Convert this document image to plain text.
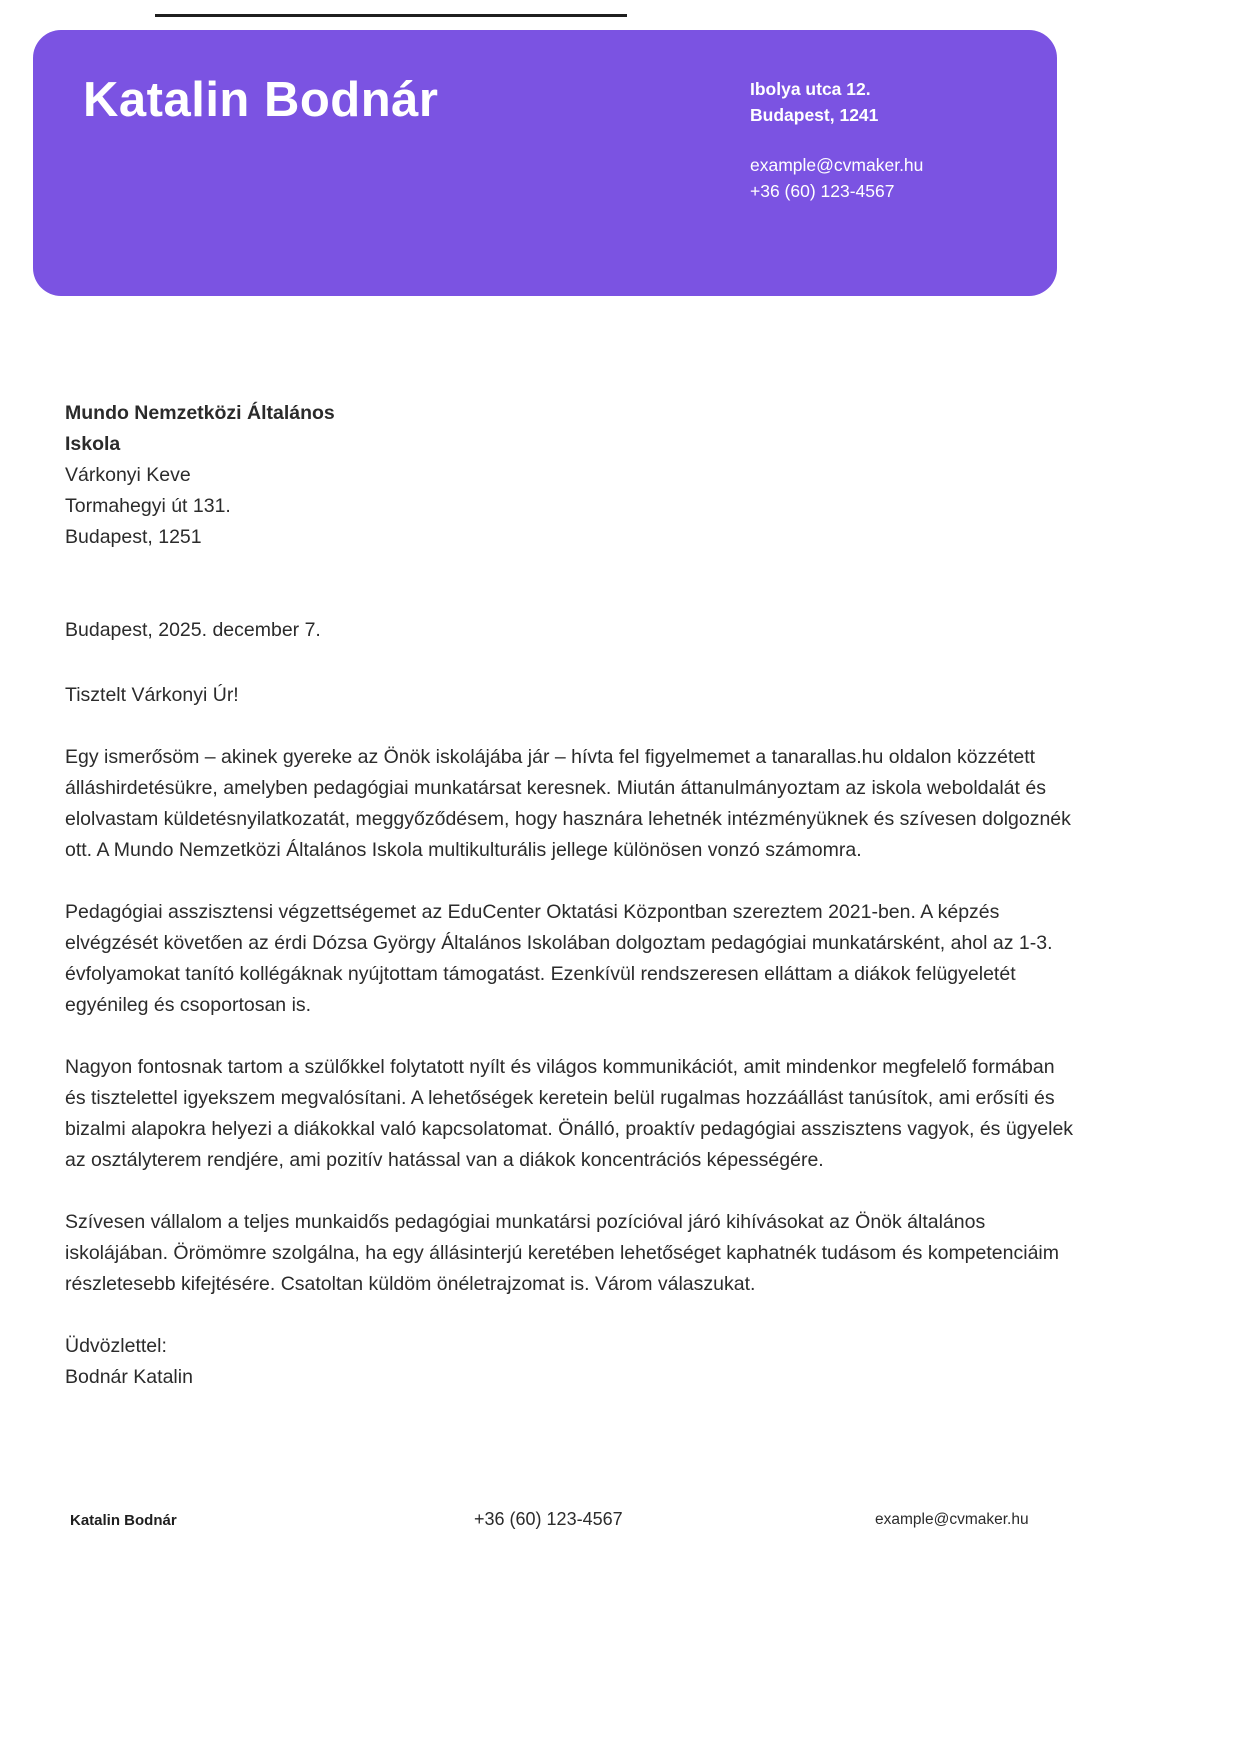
Katalin Bodnár	Ibolya utca 12.
Budapest, 1241
example@cvmaker.hu
+36 (60) 123-4567
Mundo Nemzetközi Általános
Iskola
Várkonyi Keve
Tormahegyi út 131.
Budapest, 1251
Budapest, 2025. december 7.
Tisztelt Várkonyi Úr!

Egy ismerősöm – akinek gyereke az Önök iskolájába jár – hívta fel figyelmemet a tanarallas.hu oldalon közzétett álláshirdetésükre, amelyben pedagógiai munkatársat keresnek. Miután áttanulmányoztam az iskola weboldalát és elolvastam küldetésnyilatkozatát, meggyőződésem, hogy hasznára lehetnék intézményüknek és szívesen dolgoznék ott. A Mundo Nemzetközi Általános Iskola multikulturális jellege különösen vonzó számomra.

Pedagógiai asszisztensi végzettségemet az EduCenter Oktatási Központban szereztem 2021-ben. A képzés elvégzését követően az érdi Dózsa György Általános Iskolában dolgoztam pedagógiai munkatársként, ahol az 1-3. évfolyamokat tanító kollégáknak nyújtottam támogatást. Ezenkívül rendszeresen elláttam a diákok felügyeletét egyénileg és csoportosan is.

Nagyon fontosnak tartom a szülőkkel folytatott nyílt és világos kommunikációt, amit mindenkor megfelelő formában és tisztelettel igyekszem megvalósítani. A lehetőségek keretein belül rugalmas hozzáállást tanúsítok, ami erősíti és bizalmi alapokra helyezi a diákokkal való kapcsolatomat. Önálló, proaktív pedagógiai asszisztens vagyok, és ügyelek az osztályterem rendjére, ami pozitív hatással van a diákok koncentrációs képességére.

Szívesen vállalom a teljes munkaidős pedagógiai munkatársi pozícióval járó kihívásokat az Önök általános iskolájában. Örömömre szolgálna, ha egy állásinterjú keretében lehetőséget kaphatnék tudásom és kompetenciáim részletesebb kifejtésére. Csatoltan küldöm önéletrajzomat is. Várom válaszukat.

Üdvözlettel:
Bodnár Katalin
Katalin Bodnár	+36 (60) 123-4567	example@cvmaker.hu
